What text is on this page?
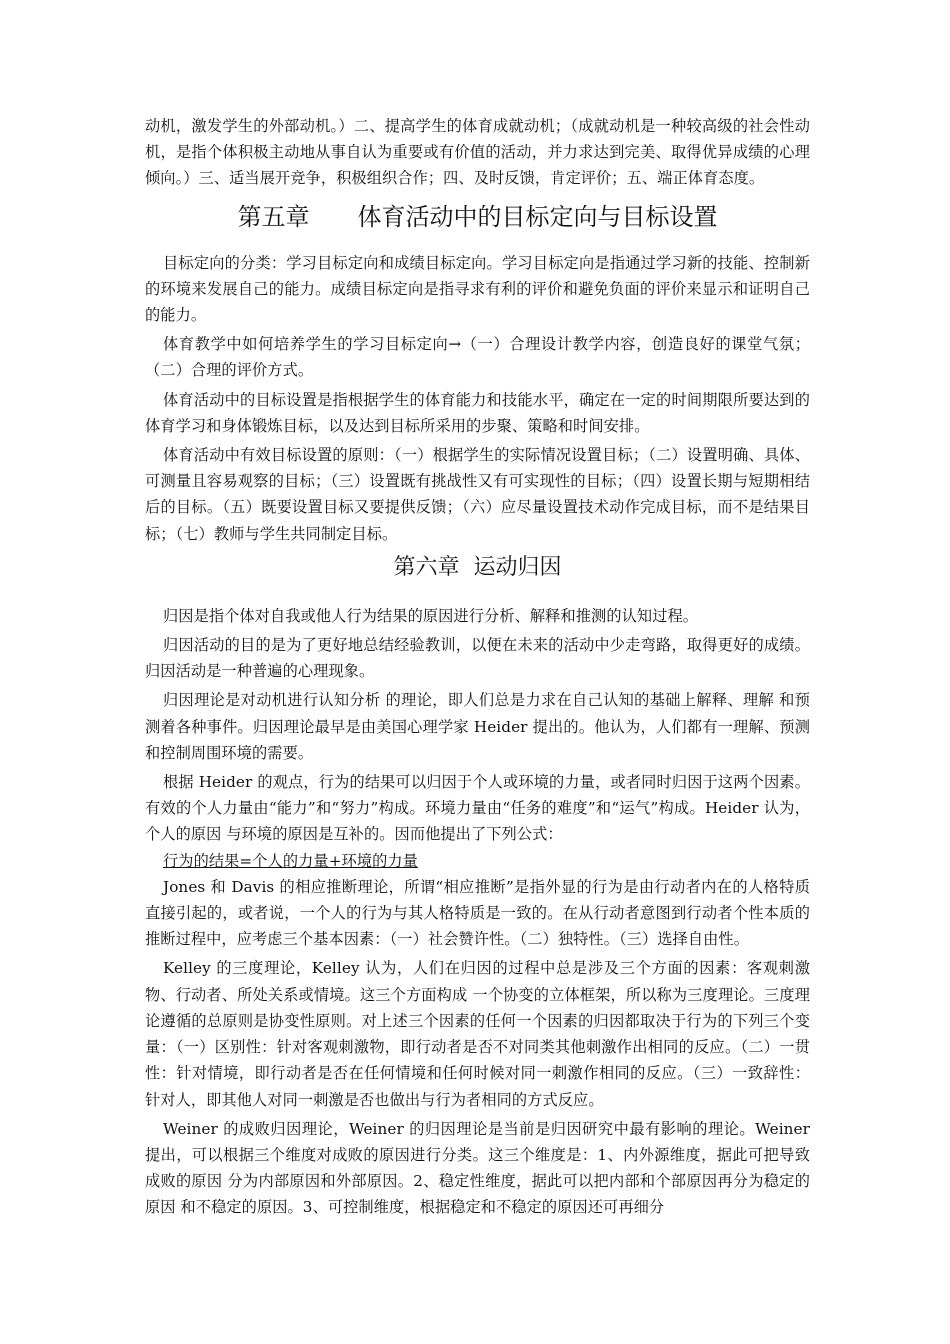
动机，激发学生的外部动机。）二、提高学生的体育成就动机；（成就动机是一种较高级的社会性动机，是指个体积极主动地从事自认为重要或有价值的活动，并力求达到完美、取得优异成绩的心理倾向。）三、适当展开竞争，积极组织合作；四、及时反馈，肯定评价；五、端正体育态度。

第五章 体育活动中的目标定向与目标设置

目标定向的分类：学习目标定向和成绩目标定向。学习目标定向是指通过学习新的技能、控制新的环境来发展自己的能力。成绩目标定向是指寻求有利的评价和避免负面的评价来显示和证明自己的能力。

体育教学中如何培养学生的学习目标定向→（一）合理设计教学内容，创造良好的课堂气氛；（二）合理的评价方式。

体育活动中的目标设置是指根据学生的体育能力和技能水平，确定在一定的时间期限所要达到的体育学习和身体锻炼目标，以及达到目标所采用的步聚、策略和时间安排。

体育活动中有效目标设置的原则：（一）根据学生的实际情况设置目标；（二）设置明确、具体、可测量且容易观察的目标；（三）设置既有挑战性又有可实现性的目标；（四）设置长期与短期相结后的目标。（五）既要设置目标又要提供反馈；（六）应尽量设置技术动作完成目标，而不是结果目标；（七）教师与学生共同制定目标。

第六章 运动归因

归因是指个体对自我或他人行为结果的原因进行分析、解释和推测的认知过程。

归因活动的目的是为了更好地总结经验教训，以便在未来的活动中少走弯路，取得更好的成绩。归因活动是一种普遍的心理现象。

归因理论是对动机进行认知分析 的理论，即人们总是力求在自己认知的基础上解释、理解 和预测着各种事件。归因理论最早是由美国心理学家 Heider 提出的。他认为，人们都有一理解、预测和控制周围环境的需要。

根据 Heider 的观点，行为的结果可以归因于个人或环境的力量，或者同时归因于这两个因素。有效的个人力量由“能力”和“努力”构成。环境力量由“任务的难度”和“运气”构成。Heider 认为，个人的原因 与环境的原因是互补的。因而他提出了下列公式：

行为的结果=个人的力量+环境的力量

Jones 和 Davis 的相应推断理论，所谓“相应推断”是指外显的行为是由行动者内在的人格特质直接引起的，或者说，一个人的行为与其人格特质是一致的。在从行动者意图到行动者个性本质的推断过程中，应考虑三个基本因素：（一）社会赞许性。（二）独特性。（三）选择自由性。

Kelley 的三度理论，Kelley 认为，人们在归因的过程中总是涉及三个方面的因素：客观刺激物、行动者、所处关系或情境。这三个方面构成 一个协变的立体框架，所以称为三度理论。三度理论遵循的总原则是协变性原则。对上述三个因素的任何一个因素的归因都取决于行为的下列三个变量：（一）区别性：针对客观刺激物，即行动者是否不对同类其他刺激作出相同的反应。（二）一贯性：针对情境，即行动者是否在任何情境和任何时候对同一刺激作相同的反应。（三）一致辞性：针对人，即其他人对同一刺激是否也做出与行为者相同的方式反应。

Weiner 的成败归因理论，Weiner 的归因理论是当前是归因研究中最有影响的理论。Weiner 提出，可以根据三个维度对成败的原因进行分类。这三个维度是：1、内外源维度，据此可把导致成败的原因 分为内部原因和外部原因。2、稳定性维度，据此可以把内部和个部原因再分为稳定的原因 和不稳定的原因。3、可控制维度，根据稳定和不稳定的原因还可再细分
